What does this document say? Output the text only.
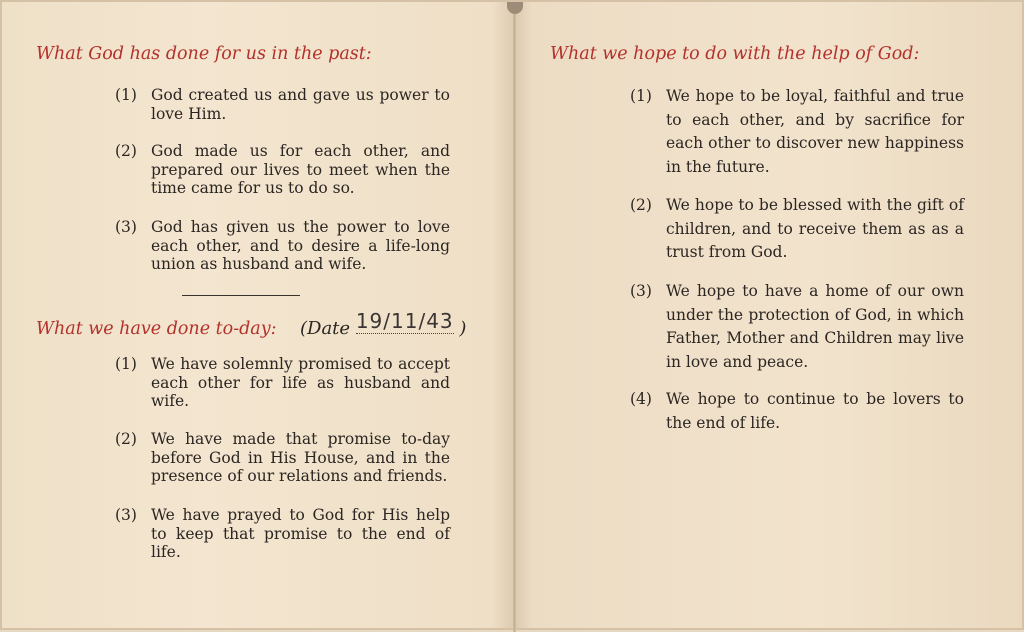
What God has done for us in the past:
(1) God created us and gave us power to love Him.
(2) God made us for each other, and prepared our lives to meet when the time came for us to do so.
(3) God has given us the power to love each other, and to desire a life-long union as husband and wife.
What we have done to-day: (Date 19/11/43 )
(1) We have solemnly promised to accept each other for life as husband and wife.
(2) We have made that promise to-day before God in His House, and in the presence of our relations and friends.
(3) We have prayed to God for His help to keep that promise to the end of life.
What we hope to do with the help of God:
(1) We hope to be loyal, faithful and true to each other, and by sacrifice for each other to discover new happiness in the future.
(2) We hope to be blessed with the gift of children, and to receive them as as a trust from God.
(3) We hope to have a home of our own under the protection of God, in which Father, Mother and Children may live in love and peace.
(4) We hope to continue to be lovers to the end of life.
